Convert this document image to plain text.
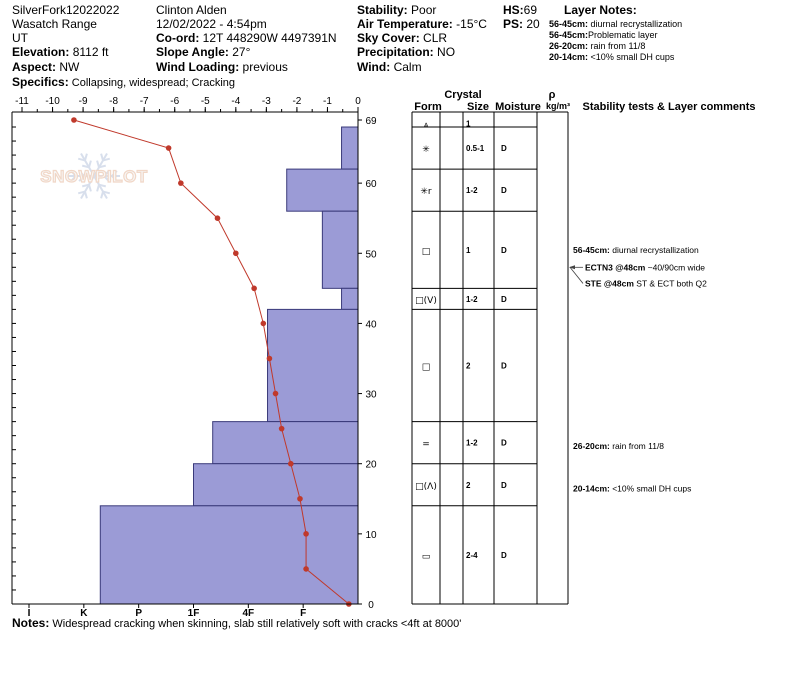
SilverFork12022022
Wasatch Range
UT
Elevation: 8112 ft
Aspect: NW
Specifics: Collapsing, widespread; Cracking
Clinton Alden
12/02/2022 - 4:54pm
Co-ord: 12T 448290W 4497391N
Slope Angle: 27°
Wind Loading: previous
Stability: Poor
Air Temperature: -15°C
Sky Cover: CLR
Precipitation: NO
Wind: Calm
HS:69
PS: 20
Layer Notes:
56-45cm: diurnal recrystallization
56-45cm:Problematic layer
26-20cm: rain from 11/8
20-14cm: <10% small DH cups
SNOWPILOT
-11 -10 -9 -8 -7 -6 -5 -4 -3 -2 -1 0
0
10
20
30
40
50
60
69
I	K	P	1F	4F	F
⩓	1
✳	0.5-1 D
✳r	1-2	D
□	1	D
□(V)	1-2	D
□	2	D
=	1-2	D
□(Λ)	2	D
▭	2-4	D
56-45cm: diurnal recrystallization
ECTN3 @48cm ~40/90cm wide
STE @48cm ST & ECT both Q2
26-20cm: rain from 11/8
20-14cm: <10% small DH cups
Crystal
Form Size Moisture
ρ
kg/m³ Stability tests & Layer comments
Notes: Widespread cracking when skinning, slab still relatively soft with cracks <4ft at 8000'
